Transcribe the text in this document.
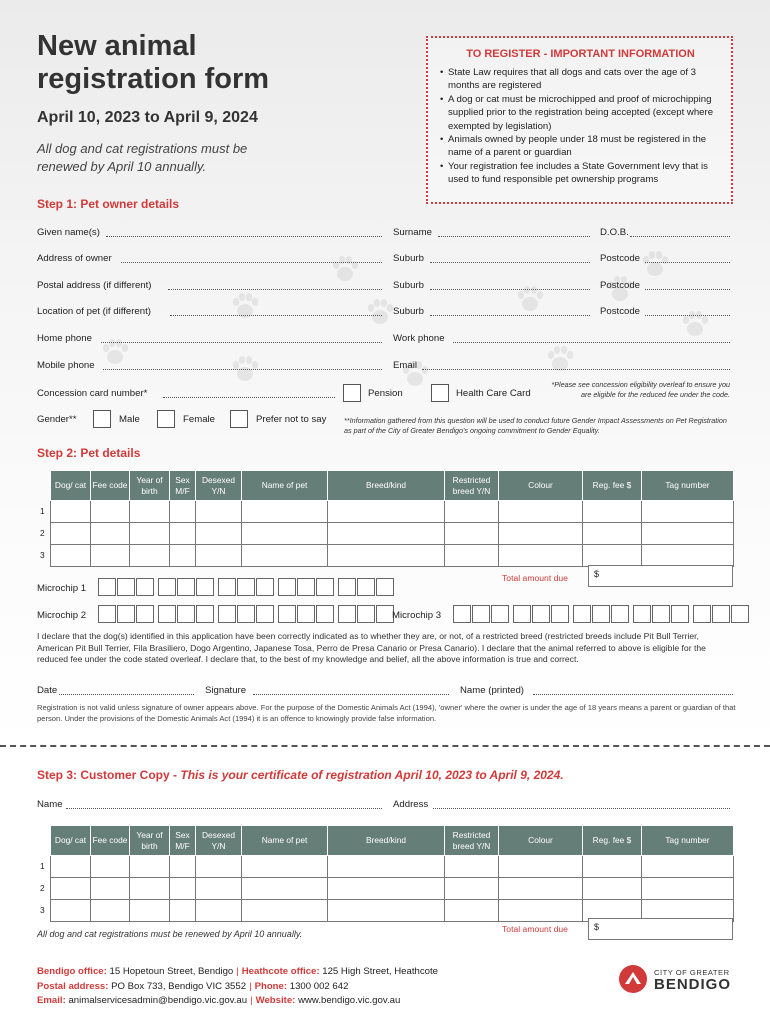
New animal registration form
April 10, 2023 to April 9, 2024
All dog and cat registrations must be renewed by April 10 annually.
TO REGISTER - IMPORTANT INFORMATION
• State Law requires that all dogs and cats over the age of 3 months are registered
• A dog or cat must be microchipped and proof of microchipping supplied prior to the registration being accepted (except where exempted by legislation)
• Animals owned by people under 18 must be registered in the name of a parent or guardian
• Your registration fee includes a State Government levy that is used to fund responsible pet ownership programs
Step 1: Pet owner details
Given name(s)	Surname	D.O.B.
Address of owner	Suburb	Postcode
Postal address (if different)	Suburb	Postcode
Location of pet (if different)	Suburb	Postcode
Home phone	Work phone
Mobile phone	Email
Concession card number*	Pension	Health Care Card
*Please see concession eligibility overleaf to ensure you are eligible for the reduced fee under the code.
Gender**	Male	Female	Prefer not to say **Information gathered from this question will be used to conduct future Gender Impact Assessments on Pet Registration as part of the City of Greater Bendigo's ongoing commitment to Gender Equality.
Step 2: Pet details
1
2
3
Dog/ cat	Fee code	Year of birth	Sex M/F	Desexed Y/N	Name of pet	Breed/kind	Restricted breed Y/N	Colour	Reg. fee $	Tag number

Total amount due	$
Microchip 1
Microchip 2	Microchip 3
I declare that the dog(s) identified in this application have been correctly indicated as to whether they are, or not, of a restricted breed (restricted breeds include Pit Bull Terrier, American Pit Bull Terrier, Fila Brasiliero, Dogo Argentino, Japanese Tosa, Perro de Presa Canario or Presa Canario). I declare that the animal referred to above is eligible for the reduced fee under the code stated overleaf. I declare that, to the best of my knowledge and belief, all the above information is true and correct.
Date	Signature	Name (printed)
Registration is not valid unless signature of owner appears above. For the purpose of the Domestic Animals Act (1994), 'owner' where the owner is under the age of 18 years means a parent or guardian of that person. Under the provisions of the Domestic Animals Act (1994) it is an offence to knowingly provide false information.
Step 3: Customer Copy - This is your certificate of registration April 10, 2023 to April 9, 2024.
Name	Address
1
2
3
Dog/ cat	Fee code	Year of birth	Sex M/F	Desexed Y/N	Name of pet	Breed/kind	Restricted breed Y/N	Colour	Reg. fee $	Tag number

All dog and cat registrations must be renewed by April 10 annually.	Total amount due	$
Bendigo office: 15 Hopetoun Street, Bendigo | Heathcote office: 125 High Street, Heathcote
Postal address: PO Box 733, Bendigo VIC 3552 | Phone: 1300 002 642
Email: animalservicesadmin@bendigo.vic.gov.au | Website: www.bendigo.vic.gov.au
CITY OF GREATER
BENDIGO
